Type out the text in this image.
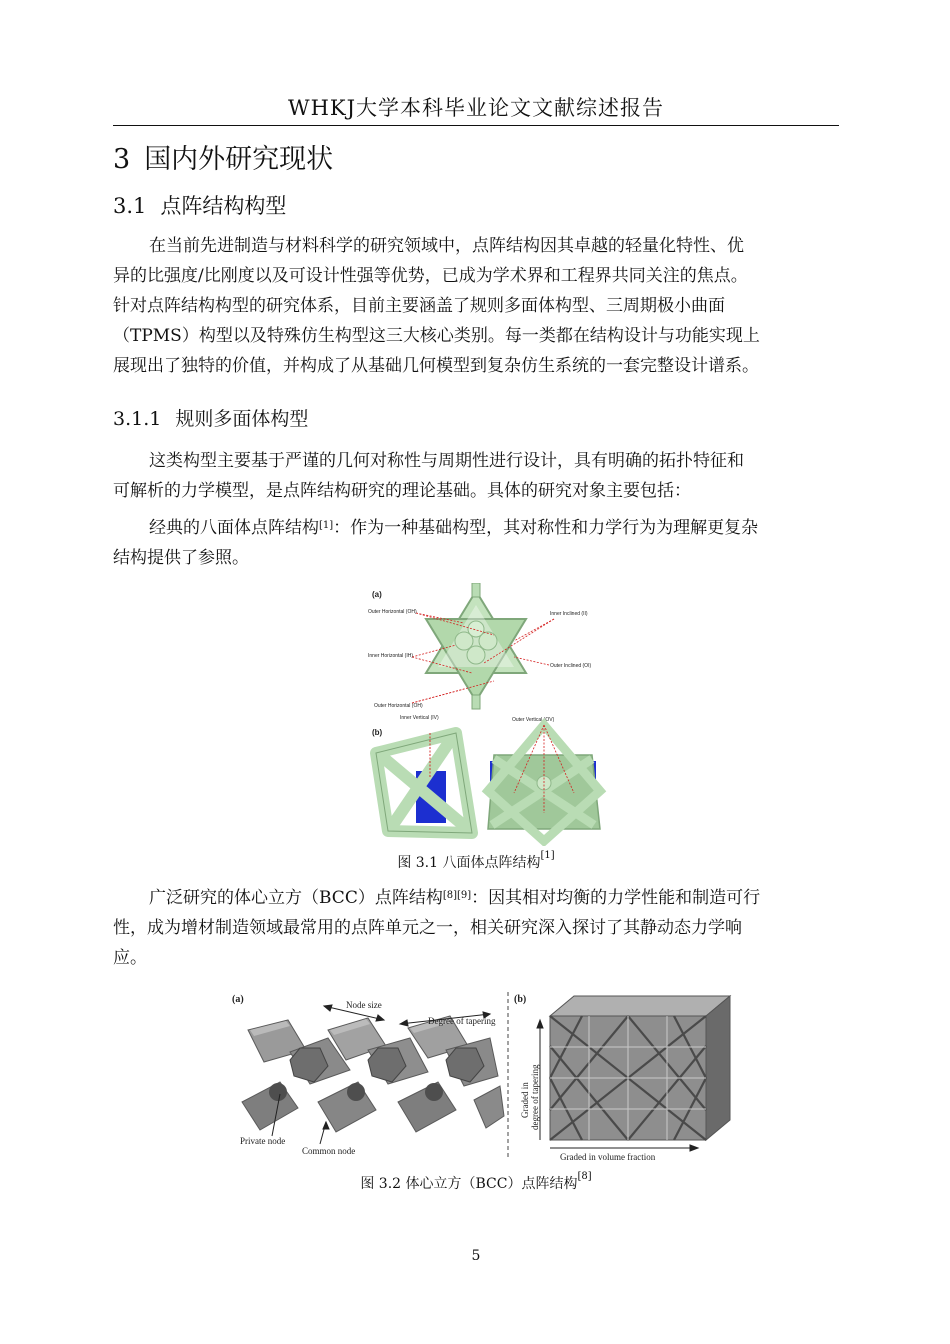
WHKJ大学本科毕业论文文献综述报告
3 国内外研究现状
3.1 点阵结构构型
在当前先进制造与材料科学的研究领域中，点阵结构因其卓越的轻量化特性、优
异的比强度/比刚度以及可设计性强等优势，已成为学术界和工程界共同关注的焦点。
针对点阵结构构型的研究体系，目前主要涵盖了规则多面体构型、三周期极小曲面
（TPMS）构型以及特殊仿生构型这三大核心类别。每一类都在结构设计与功能实现上
展现出了独特的价值，并构成了从基础几何模型到复杂仿生系统的一套完整设计谱系。
3.1.1 规则多面体构型
这类构型主要基于严谨的几何对称性与周期性进行设计，具有明确的拓扑特征和
可解析的力学模型，是点阵结构研究的理论基础。具体的研究对象主要包括：
经典的八面体点阵结构[1]：作为一种基础构型，其对称性和力学行为为理解更复杂
结构提供了参照。
(a)
Outer Horizontal (OH)	Inner Inclined (II)
Inner Horizontal (IH)
Outer Inclined (OI)
Outer Horizontal (OH)
(b)
Inner Vertical (IV)	Outer Vertical (OV)
图 3.1 八面体点阵结构[1]
广泛研究的体心立方（BCC）点阵结构[8][9]：因其相对均衡的力学性能和制造可行
性，成为增材制造领域最常用的点阵单元之一，相关研究深入探讨了其静动态力学响
应。
(a)	(b)
Node size
Degree of tapering
Private node
Common node
Graded in degree of tapering
Graded in volume fraction
图 3.2 体心立方（BCC）点阵结构[8]
5
